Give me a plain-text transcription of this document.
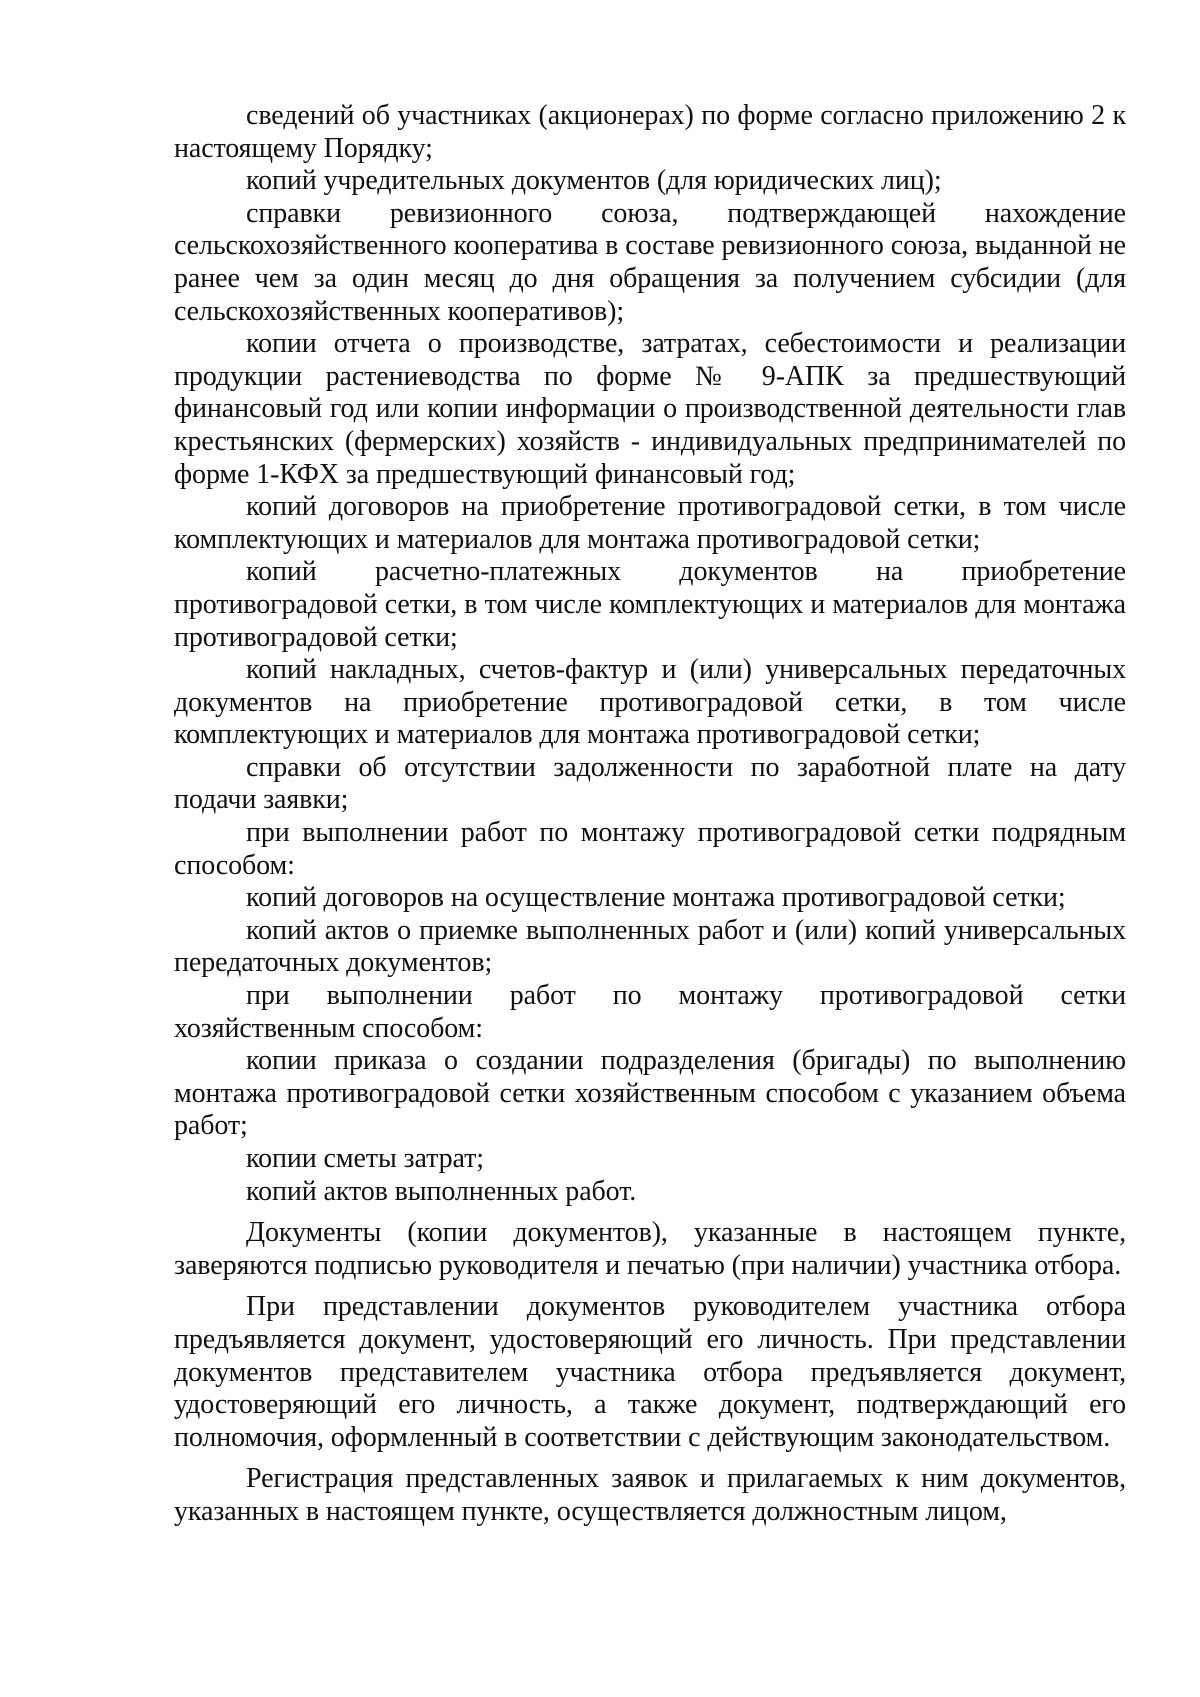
сведений об участниках (акционерах) по форме согласно приложению 2 к настоящему Порядку;

копий учредительных документов (для юридических лиц);

справки ревизионного союза, подтверждающей нахождение сельскохозяйственного кооператива в составе ревизионного союза, выданной не ранее чем за один месяц до дня обращения за получением субсидии (для сельскохозяйственных кооперативов);

копии отчета о производстве, затратах, себестоимости и реализации продукции растениеводства по форме № 9-АПК за предшествующий финансовый год или копии информации о производственной деятельности глав крестьянских (фермерских) хозяйств - индивидуальных предпринимателей по форме 1-КФХ за предшествующий финансовый год;

копий договоров на приобретение противоградовой сетки, в том числе комплектующих и материалов для монтажа противоградовой сетки;

копий расчетно-платежных документов на приобретение противоградовой сетки, в том числе комплектующих и материалов для монтажа противоградовой сетки;

копий накладных, счетов-фактур и (или) универсальных передаточных документов на приобретение противоградовой сетки, в том числе комплектующих и материалов для монтажа противоградовой сетки;

справки об отсутствии задолженности по заработной плате на дату подачи заявки;

при выполнении работ по монтажу противоградовой сетки подрядным способом:

копий договоров на осуществление монтажа противоградовой сетки;

копий актов о приемке выполненных работ и (или) копий универсальных передаточных документов;

при выполнении работ по монтажу противоградовой сетки хозяйственным способом:

копии приказа о создании подразделения (бригады) по выполнению монтажа противоградовой сетки хозяйственным способом с указанием объема работ;

копии сметы затрат;

копий актов выполненных работ.

Документы (копии документов), указанные в настоящем пункте, заверяются подписью руководителя и печатью (при наличии) участника отбора.

При представлении документов руководителем участника отбора предъявляется документ, удостоверяющий его личность. При представлении документов представителем участника отбора предъявляется документ, удостоверяющий его личность, а также документ, подтверждающий его полномочия, оформленный в соответствии с действующим законодательством.

Регистрация представленных заявок и прилагаемых к ним документов, указанных в настоящем пункте, осуществляется должностным лицом,
